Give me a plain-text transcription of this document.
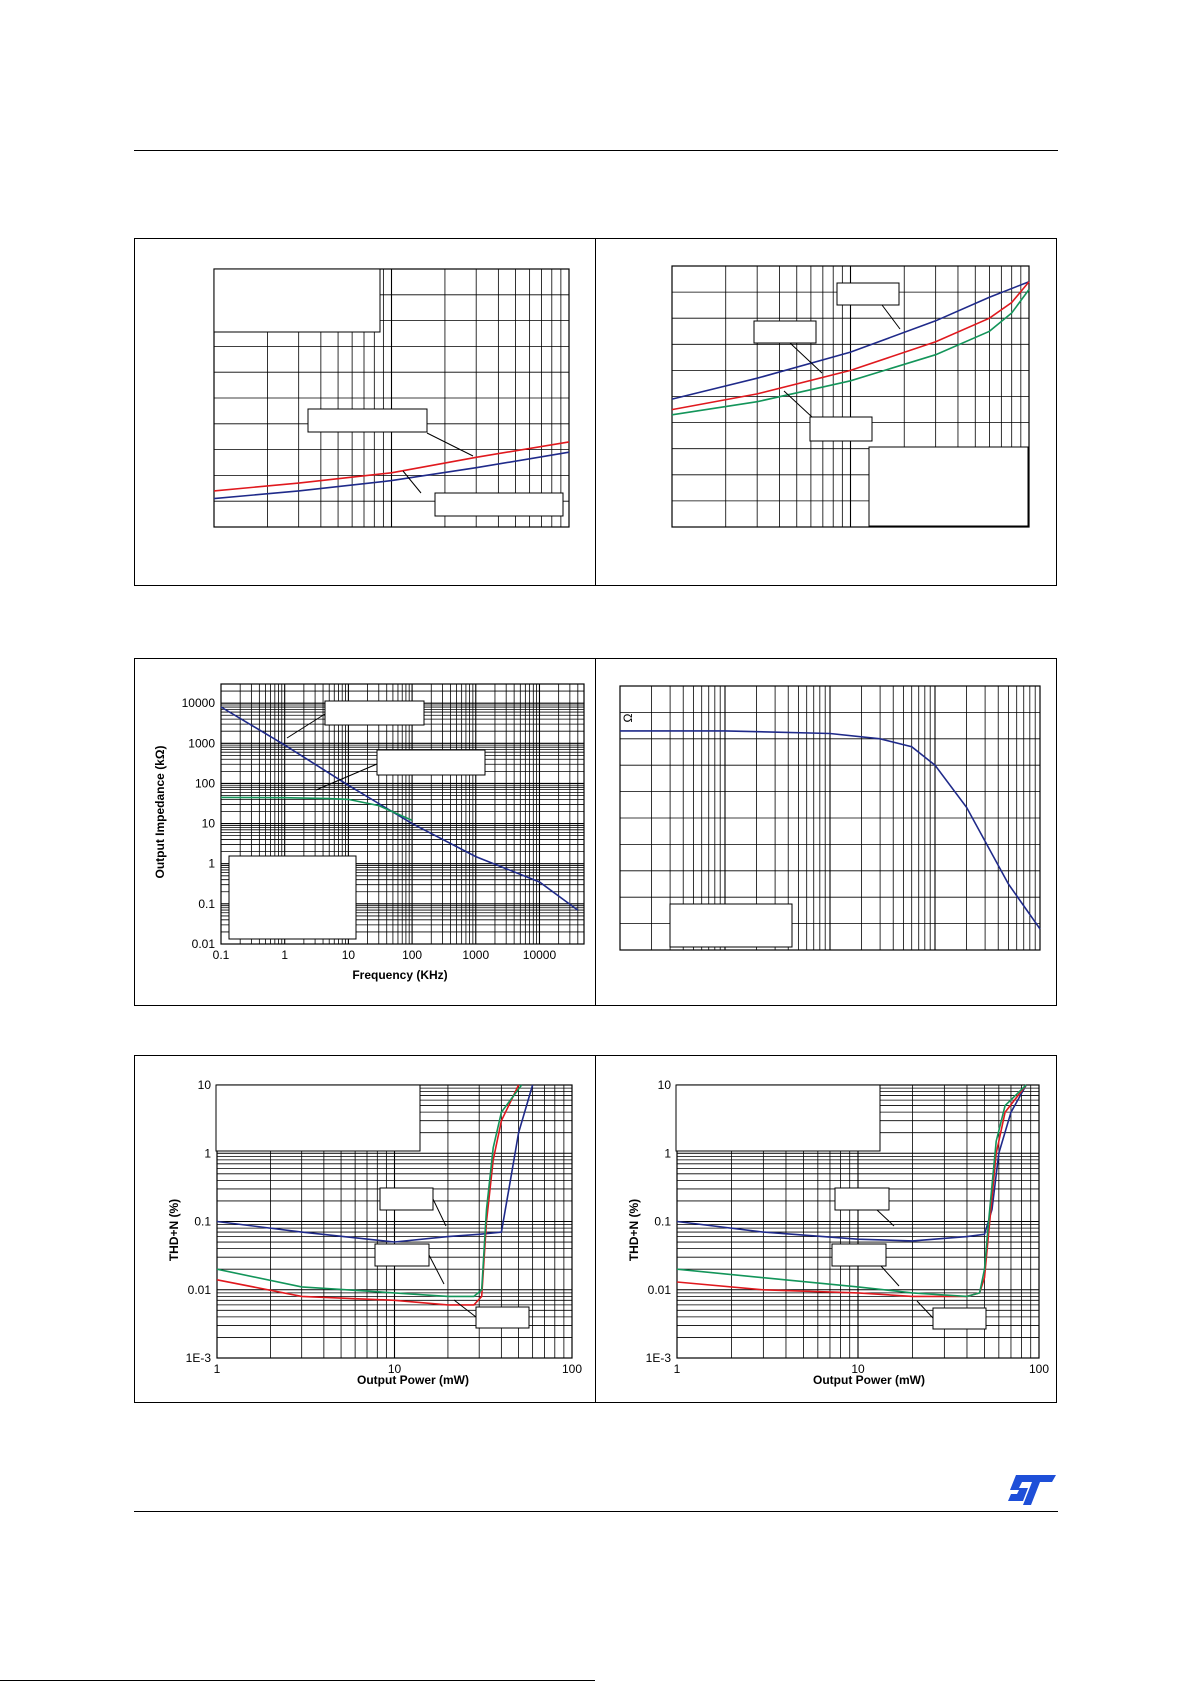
0.1	1	10	100	1000	10000
0.01
0.1
1
10
100
1000
10000
Frequency (KHz)
Output Impedance (kΩ)
Ω
1	10	100
1E-3
0.01
0.1
1
10
Output Power (mW)
THD+N (%)
1	10	100
1E-3
0.01
0.1
1
10
Output Power (mW)
THD+N (%)
ST
